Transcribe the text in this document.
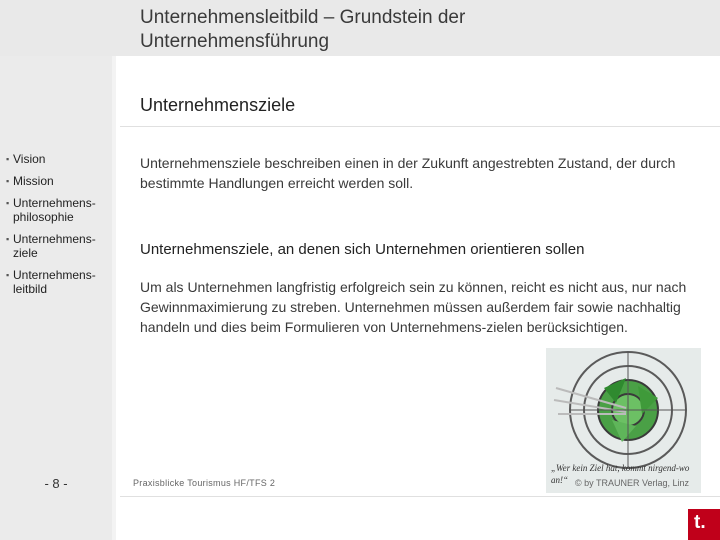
Unternehmensleitbild – Grundstein der
Unternehmensführung
Unternehmensziele
▪ Vision
▪ Mission
▪ Unternehmens-philosophie
▪ Unternehmens-ziele
▪ Unternehmens-leitbild
Unternehmensziele beschreiben einen in der Zukunft angestrebten Zustand, der durch bestimmte Handlungen erreicht werden soll.
Unternehmensziele, an denen sich Unternehmen orientieren sollen
Um als Unternehmen langfristig erfolgreich sein zu können, reicht es nicht aus, nur nach Gewinnmaximierung zu streben. Unternehmen müssen außerdem fair sowie nachhaltig handeln und dies beim Formulieren von Unternehmens-zielen berücksichtigen.
„Wer kein Ziel hat, kommt nirgend-wo an!“
- 8 -	Praxisblicke Tourismus HF/TFS 2	© by TRAUNER Verlag, Linz
t.
